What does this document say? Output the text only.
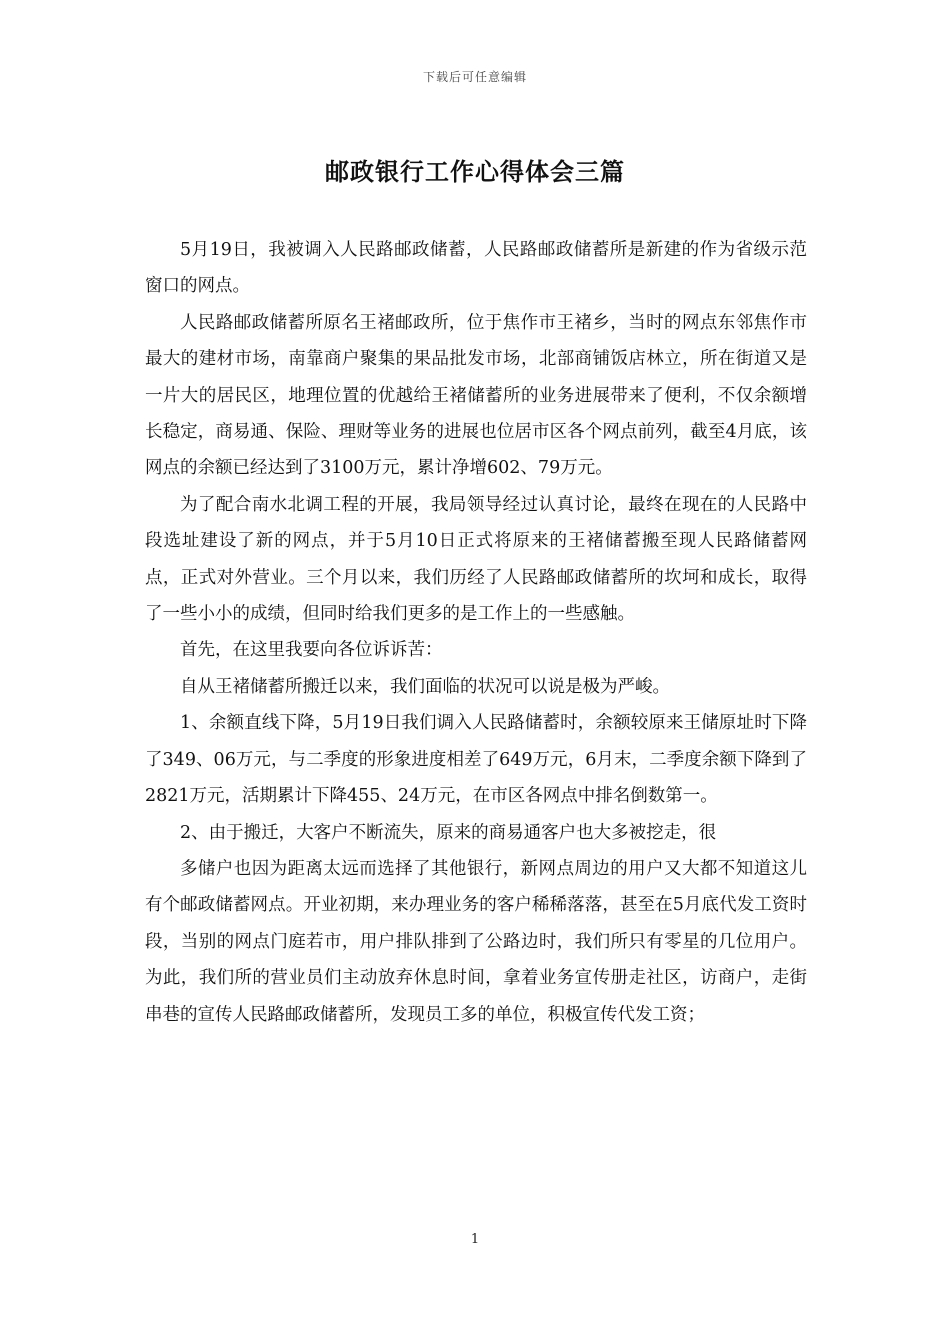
下载后可任意编辑
邮政银行工作心得体会三篇

5月19日，我被调入人民路邮政储蓄，人民路邮政储蓄所是新建的作为省级示范窗口的网点。

人民路邮政储蓄所原名王褚邮政所，位于焦作市王褚乡，当时的网点东邻焦作市最大的建材市场，南靠商户聚集的果品批发市场，北部商铺饭店林立，所在街道又是一片大的居民区，地理位置的优越给王褚储蓄所的业务进展带来了便利，不仅余额增长稳定，商易通、保险、理财等业务的进展也位居市区各个网点前列，截至4月底，该网点的余额已经达到了3100万元，累计净增602、79万元。

为了配合南水北调工程的开展，我局领导经过认真讨论，最终在现在的人民路中段选址建设了新的网点，并于5月10日正式将原来的王褚储蓄搬至现人民路储蓄网点，正式对外营业。三个月以来，我们历经了人民路邮政储蓄所的坎坷和成长，取得了一些小小的成绩，但同时给我们更多的是工作上的一些感触。

首先，在这里我要向各位诉诉苦：

自从王褚储蓄所搬迁以来，我们面临的状况可以说是极为严峻。

1、余额直线下降，5月19日我们调入人民路储蓄时，余额较原来王储原址时下降了349、06万元，与二季度的形象进度相差了649万元，6月末，二季度余额下降到了2821万元，活期累计下降455、24万元，在市区各网点中排名倒数第一。

2、由于搬迁，大客户不断流失，原来的商易通客户也大多被挖走，很

多储户也因为距离太远而选择了其他银行，新网点周边的用户又大都不知道这儿有个邮政储蓄网点。开业初期，来办理业务的客户稀稀落落，甚至在5月底代发工资时段，当别的网点门庭若市，用户排队排到了公路边时，我们所只有零星的几位用户。为此，我们所的营业员们主动放弃休息时间，拿着业务宣传册走社区，访商户，走街串巷的宣传人民路邮政储蓄所，发现员工多的单位，积极宣传代发工资；

1
